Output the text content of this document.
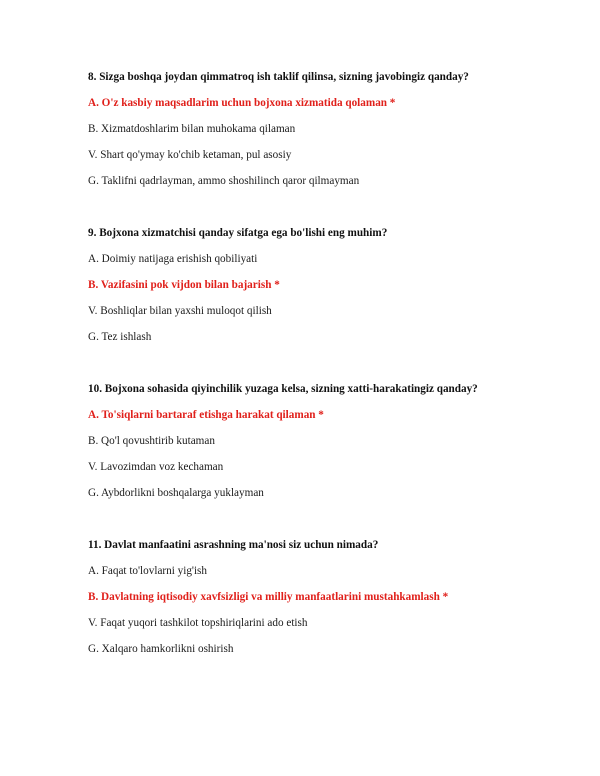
8. Sizga boshqa joydan qimmatroq ish taklif qilinsa, sizning javobingiz qanday?
A. O'z kasbiy maqsadlarim uchun bojxona xizmatida qolaman *
B. Xizmatdoshlarim bilan muhokama qilaman
V. Shart qo'ymay ko'chib ketaman, pul asosiy
G. Taklifni qadrlayman, ammo shoshilinch qaror qilmayman
9. Bojxona xizmatchisi qanday sifatga ega bo'lishi eng muhim?
A. Doimiy natijaga erishish qobiliyati
B. Vazifasini pok vijdon bilan bajarish *
V. Boshliqlar bilan yaxshi muloqot qilish
G. Tez ishlash
10. Bojxona sohasida qiyinchilik yuzaga kelsa, sizning xatti-harakatingiz qanday?
A. To'siqlarni bartaraf etishga harakat qilaman *
B. Qo'l qovushtirib kutaman
V. Lavozimdan voz kechaman
G. Aybdorlikni boshqalarga yuklayman
11. Davlat manfaatini asrashning ma'nosi siz uchun nimada?
A. Faqat to'lovlarni yig'ish
B. Davlatning iqtisodiy xavfsizligi va milliy manfaatlarini mustahkamlash *
V. Faqat yuqori tashkilot topshiriqlarini ado etish
G. Xalqaro hamkorlikni oshirish
